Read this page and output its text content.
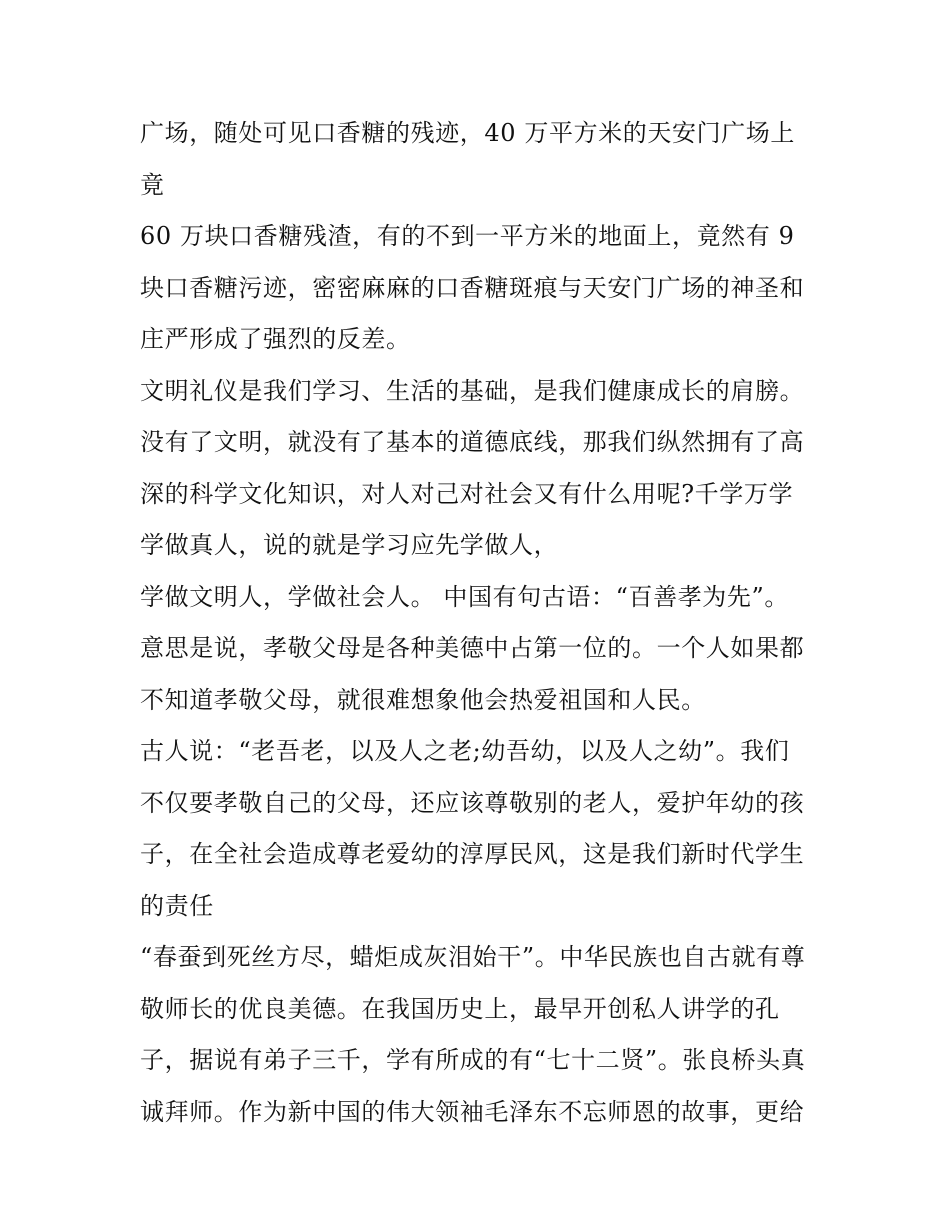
广场，随处可见口香糖的残迹，40 万平方米的天安门广场上
竟
60 万块口香糖残渣，有的不到一平方米的地面上，竟然有 9
块口香糖污迹，密密麻麻的口香糖斑痕与天安门广场的神圣和
庄严形成了强烈的反差。
文明礼仪是我们学习、生活的基础，是我们健康成长的肩膀。
没有了文明，就没有了基本的道德底线，那我们纵然拥有了高
深的科学文化知识，对人对己对社会又有什么用呢?千学万学
学做真人，说的就是学习应先学做人，
学做文明人，学做社会人。 中国有句古语：“百善孝为先”。
意思是说，孝敬父母是各种美德中占第一位的。一个人如果都
不知道孝敬父母，就很难想象他会热爱祖国和人民。
古人说：“老吾老，以及人之老;幼吾幼，以及人之幼”。我们
不仅要孝敬自己的父母，还应该尊敬别的老人，爱护年幼的孩
子，在全社会造成尊老爱幼的淳厚民风，这是我们新时代学生
的责任
“春蚕到死丝方尽，蜡炬成灰泪始干”。中华民族也自古就有尊
敬师长的优良美德。在我国历史上，最早开创私人讲学的孔
子，据说有弟子三千，学有所成的有“七十二贤”。张良桥头真
诚拜师。作为新中国的伟大领袖毛泽东不忘师恩的故事，更给
